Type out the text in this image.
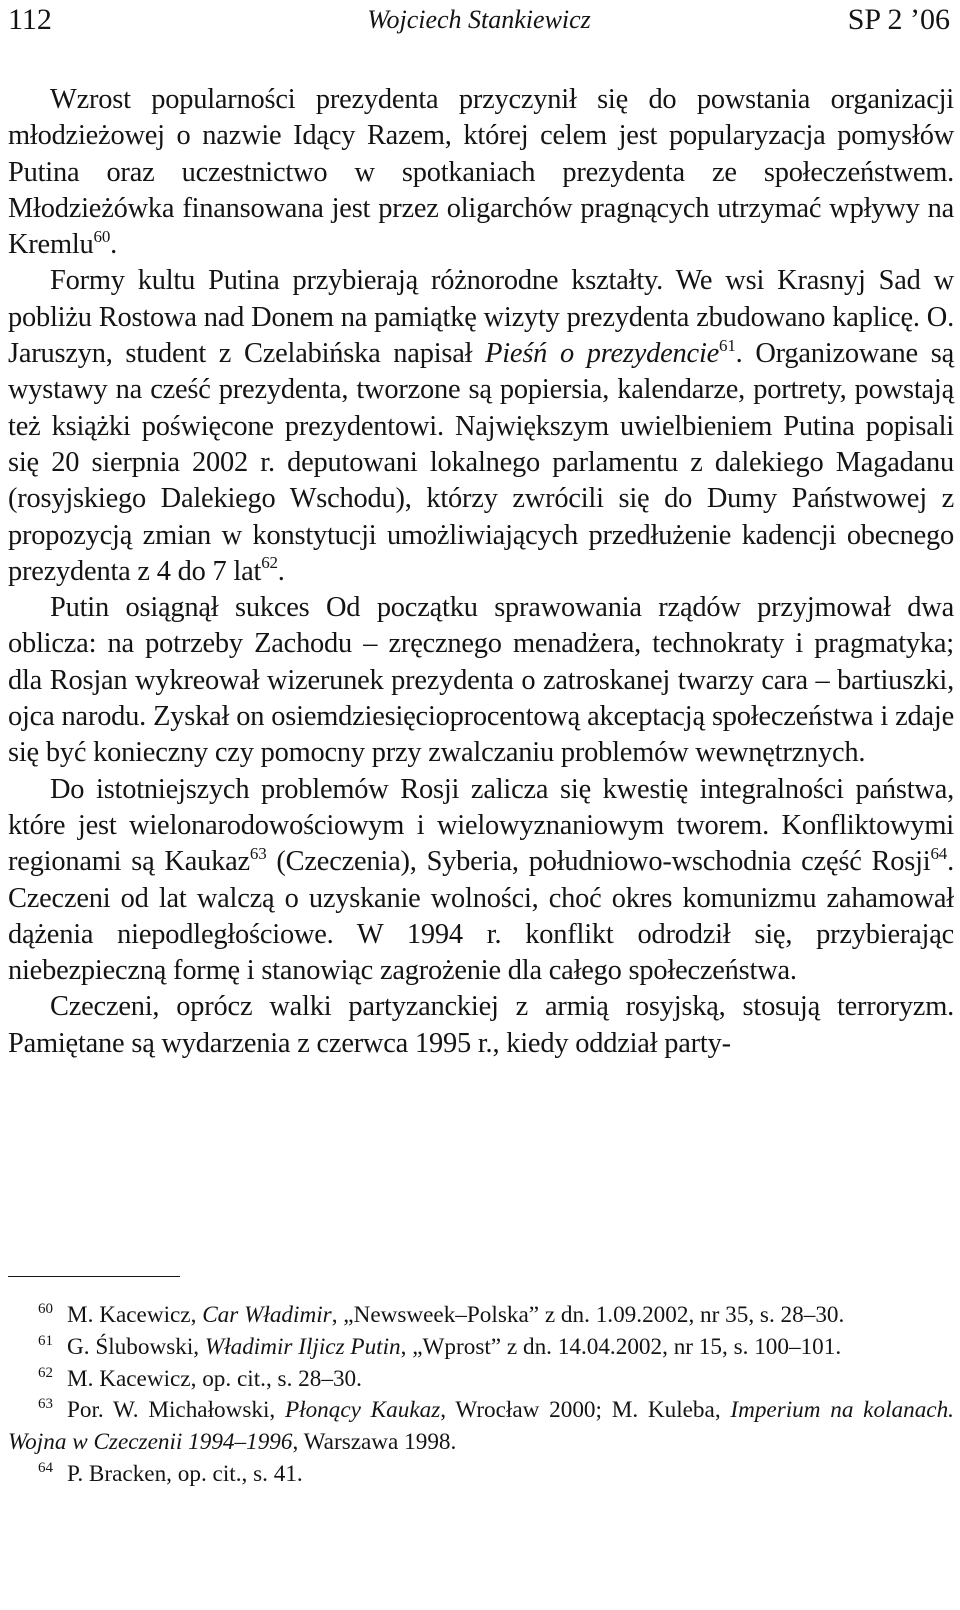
112	Wojciech Stankiewicz	SP 2 ’06

Wzrost popularności prezydenta przyczynił się do powstania organizacji młodzieżowej o nazwie Idący Razem, której celem jest popularyzacja pomysłów Putina oraz uczestnictwo w spotkaniach prezydenta ze społeczeństwem. Młodzieżówka finansowana jest przez oligarchów pragnących utrzymać wpływy na Kremlu$^{60}$.

Formy kultu Putina przybierają różnorodne kształty. We wsi Krasnyj Sad w pobliżu Rostowa nad Donem na pamiątkę wizyty prezydenta zbudowano kaplicę. O. Jaruszyn, student z Czelabińska napisał Pieśń o prezydencie$^{61}$. Organizowane są wystawy na cześć prezydenta, tworzone są popiersia, kalendarze, portrety, powstają też książki poświęcone prezydentowi. Największym uwielbieniem Putina popisali się 20 sierpnia 2002 r. deputowani lokalnego parlamentu z dalekiego Magadanu (rosyjskiego Dalekiego Wschodu), którzy zwrócili się do Dumy Państwowej z propozycją zmian w konstytucji umożliwiających przedłużenie kadencji obecnego prezydenta z 4 do 7 lat$^{62}$.

Putin osiągnął sukces Od początku sprawowania rządów przyjmował dwa oblicza: na potrzeby Zachodu – zręcznego menadżera, technokraty i pragmatyka; dla Rosjan wykreował wizerunek prezydenta o zatroskanej twarzy cara – bartiuszki, ojca narodu. Zyskał on osiemdziesięcioprocentową akceptacją społeczeństwa i zdaje się być konieczny czy pomocny przy zwalczaniu problemów wewnętrznych.

Do istotniejszych problemów Rosji zalicza się kwestię integralności państwa, które jest wielonarodowościowym i wielowyznaniowym tworem. Konfliktowymi regionami są Kaukaz$^{63}$ (Czeczenia), Syberia, południowo-wschodnia część Rosji$^{64}$. Czeczeni od lat walczą o uzyskanie wolności, choć okres komunizmu zahamował dążenia niepodległościowe. W 1994 r. konflikt odrodził się, przybierając niebezpieczną formę i stanowiąc zagrożenie dla całego społeczeństwa.

Czeczeni, oprócz walki partyzanckiej z armią rosyjską, stosują terroryzm. Pamiętane są wydarzenia z czerwca 1995 r., kiedy oddział party-

$^{60}$ M. Kacewicz, Car Władimir, „Newsweek–Polska” z dn. 1.09.2002, nr 35, s. 28–30.

$^{61}$ G. Ślubowski, Władimir Iljicz Putin, „Wprost” z dn. 14.04.2002, nr 15, s. 100–101.

$^{62}$ M. Kacewicz, op. cit., s. 28–30.

$^{63}$ Por. W. Michałowski, Płonący Kaukaz, Wrocław 2000; M. Kuleba, Imperium na kolanach. Wojna w Czeczenii 1994–1996, Warszawa 1998.

$^{64}$ P. Bracken, op. cit., s. 41.
